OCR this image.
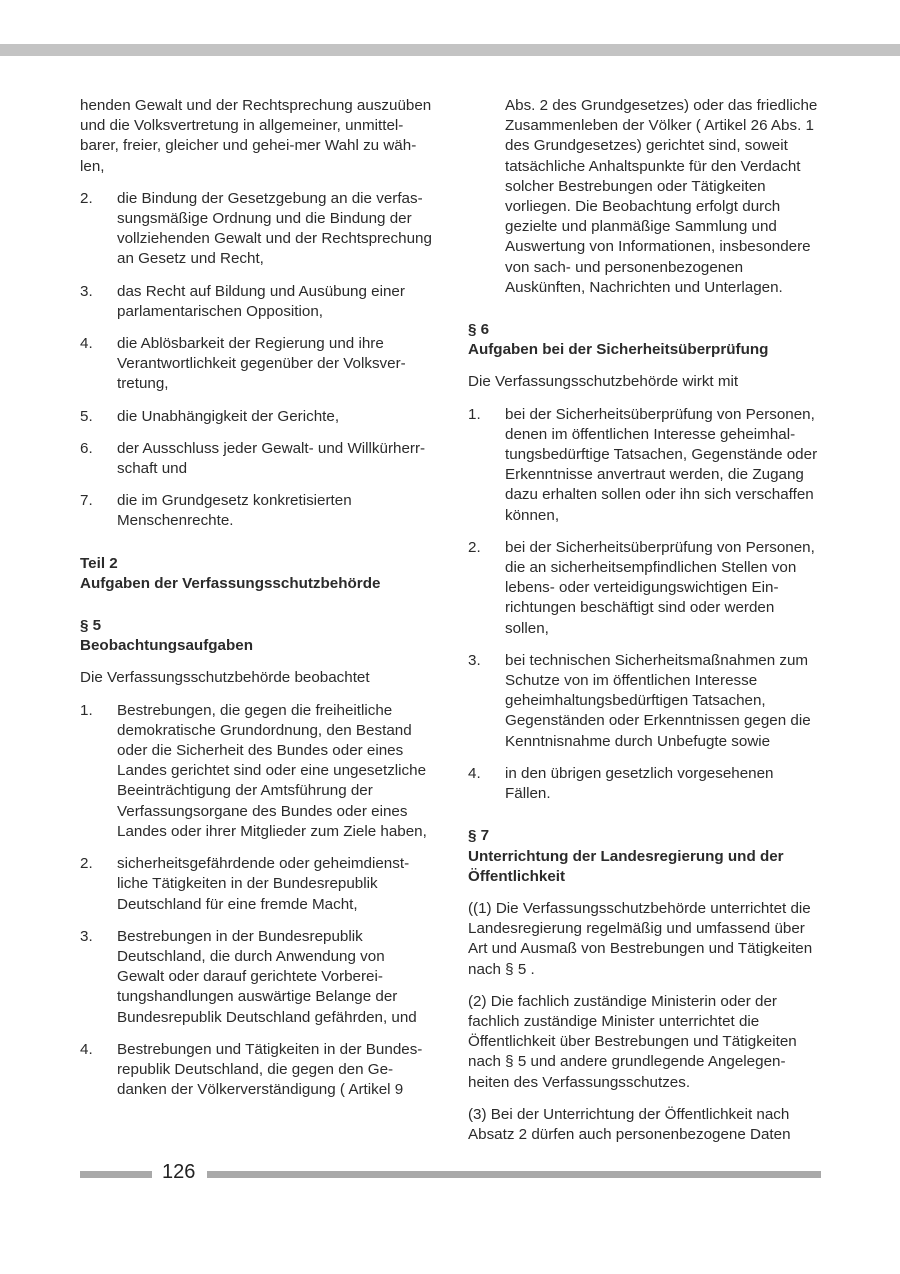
henden Gewalt und der Rechtsprechung auszuüben und die Volksvertretung in allgemeiner, unmittel-barer, freier, gleicher und gehei-mer Wahl zu wäh-len,

2. die Bindung der Gesetzgebung an die verfas-sungsmäßige Ordnung und die Bindung der vollziehenden Gewalt und der Rechtsprechung an Gesetz und Recht,
3. das Recht auf Bildung und Ausübung einer parlamentarischen Opposition,
4. die Ablösbarkeit der Regierung und ihre Verantwortlichkeit gegenüber der Volksver-tretung,
5. die Unabhängigkeit der Gerichte,
6. der Ausschluss jeder Gewalt- und Willkürherr-schaft und
7. die im Grundgesetz konkretisierten Menschenrechte.
Teil 2
Aufgaben der Verfassungsschutzbehörde
§ 5
Beobachtungsaufgaben

Die Verfassungsschutzbehörde beobachtet

1. Bestrebungen, die gegen die freiheitliche demokratische Grundordnung, den Bestand oder die Sicherheit des Bundes oder eines Landes gerichtet sind oder eine ungesetzliche Beeinträchtigung der Amtsführung der Verfassungsorgane des Bundes oder eines Landes oder ihrer Mitglieder zum Ziele haben,
2. sicherheitsgefährdende oder geheimdienst-liche Tätigkeiten in der Bundesrepublik Deutschland für eine fremde Macht,
3. Bestrebungen in der Bundesrepublik Deutschland, die durch Anwendung von Gewalt oder darauf gerichtete Vorberei-tungshandlungen auswärtige Belange der Bundesrepublik Deutschland gefährden, und
4. Bestrebungen und Tätigkeiten in der Bundes-republik Deutschland, die gegen den Ge-danken der Völkerverständigung ( Artikel 9

Abs. 2 des Grundgesetzes) oder das friedliche Zusammenleben der Völker ( Artikel 26 Abs. 1 des Grundgesetzes) gerichtet sind, soweit tatsächliche Anhaltspunkte für den Verdacht solcher Bestrebungen oder Tätigkeiten vorliegen. Die Beobachtung erfolgt durch gezielte und planmäßige Sammlung und Auswertung von Informationen, insbesondere von sach- und personenbezogenen Auskünften, Nachrichten und Unterlagen.

§ 6
Aufgaben bei der Sicherheitsüberprüfung

Die Verfassungsschutzbehörde wirkt mit

1. bei der Sicherheitsüberprüfung von Personen, denen im öffentlichen Interesse geheimhal-tungsbedürftige Tatsachen, Gegenstände oder Erkenntnisse anvertraut werden, die Zugang dazu erhalten sollen oder ihn sich verschaffen können,
2. bei der Sicherheitsüberprüfung von Personen, die an sicherheitsempfindlichen Stellen von lebens- oder verteidigungswichtigen Ein-richtungen beschäftigt sind oder werden sollen,
3. bei technischen Sicherheitsmaßnahmen zum Schutze von im öffentlichen Interesse geheimhaltungsbedürftigen Tatsachen, Gegenständen oder Erkenntnissen gegen die Kenntnisnahme durch Unbefugte sowie
4. in den übrigen gesetzlich vorgesehenen Fällen.
§ 7
Unterrichtung der Landesregierung und der Öffentlichkeit

((1) Die Verfassungsschutzbehörde unterrichtet die Landesregierung regelmäßig und umfassend über Art und Ausmaß von Bestrebungen und Tätigkeiten nach § 5 .

(2) Die fachlich zuständige Ministerin oder der fachlich zuständige Minister unterrichtet die Öffentlichkeit über Bestrebungen und Tätigkeiten nach § 5 und andere grundlegende Angelegen-heiten des Verfassungsschutzes.

(3) Bei der Unterrichtung der Öffentlichkeit nach Absatz 2 dürfen auch personenbezogene Daten

126
